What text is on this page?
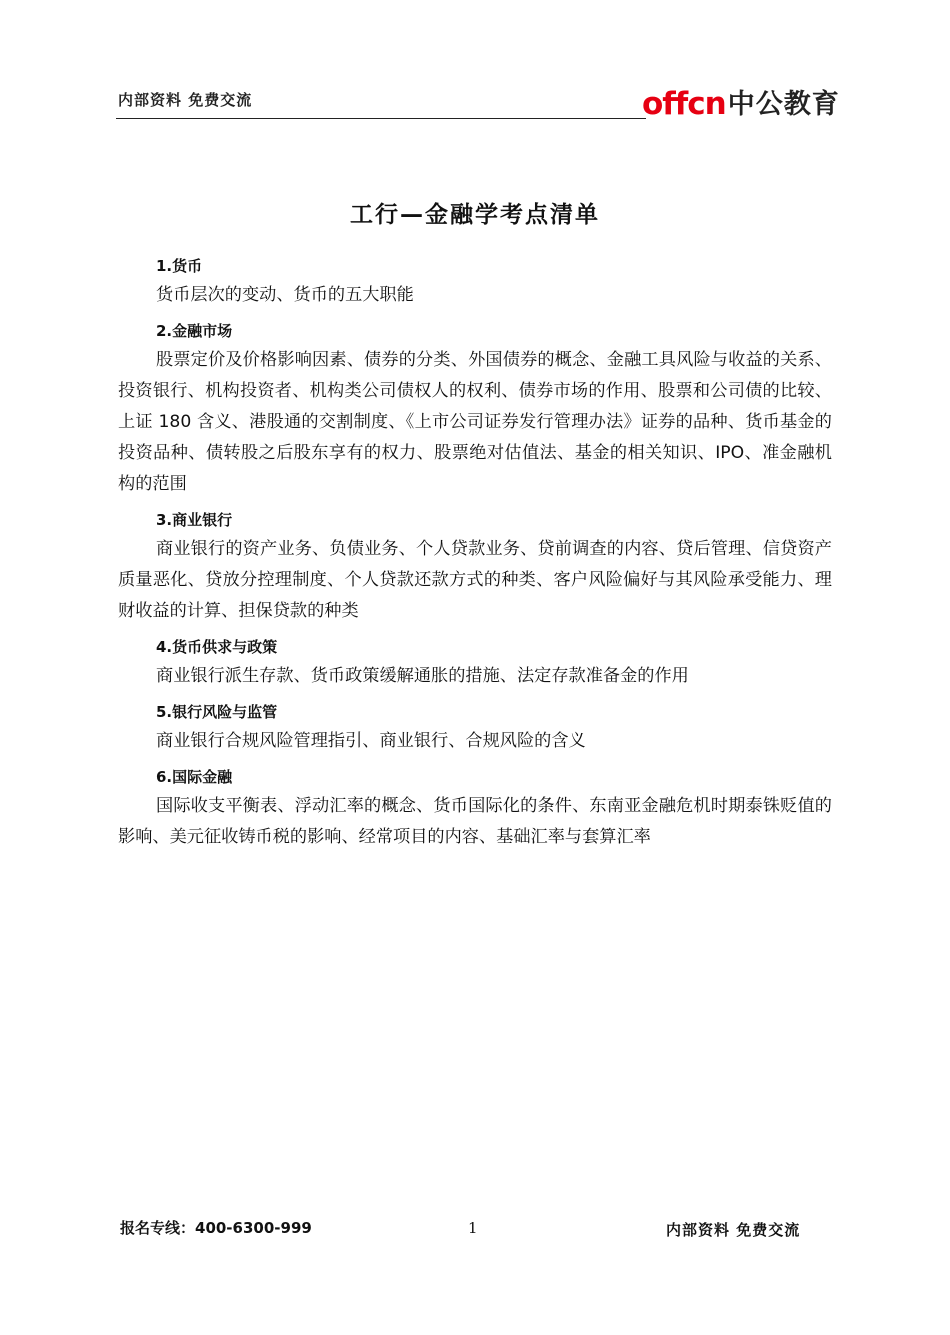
内部资料 免费交流	offcn 中公教育
工行—金融学考点清单
1.货币
货币层次的变动、货币的五大职能
2.金融市场
股票定价及价格影响因素、债券的分类、外国债券的概念、金融工具风险与收益的关系、投资银行、机构投资者、机构类公司债权人的权利、债券市场的作用、股票和公司债的比较、上证 180 含义、港股通的交割制度、《上市公司证券发行管理办法》证券的品种、货币基金的投资品种、债转股之后股东享有的权力、股票绝对估值法、基金的相关知识、IPO、准金融机构的范围
3.商业银行
商业银行的资产业务、负债业务、个人贷款业务、贷前调查的内容、贷后管理、信贷资产质量恶化、贷放分控理制度、个人贷款还款方式的种类、客户风险偏好与其风险承受能力、理财收益的计算、担保贷款的种类
4.货币供求与政策
商业银行派生存款、货币政策缓解通胀的措施、法定存款准备金的作用
5.银行风险与监管
商业银行合规风险管理指引、商业银行、合规风险的含义
6.国际金融
国际收支平衡表、浮动汇率的概念、货币国际化的条件、东南亚金融危机时期泰铢贬值的影响、美元征收铸币税的影响、经常项目的内容、基础汇率与套算汇率
报名专线：400-6300-999	1	内部资料 免费交流
